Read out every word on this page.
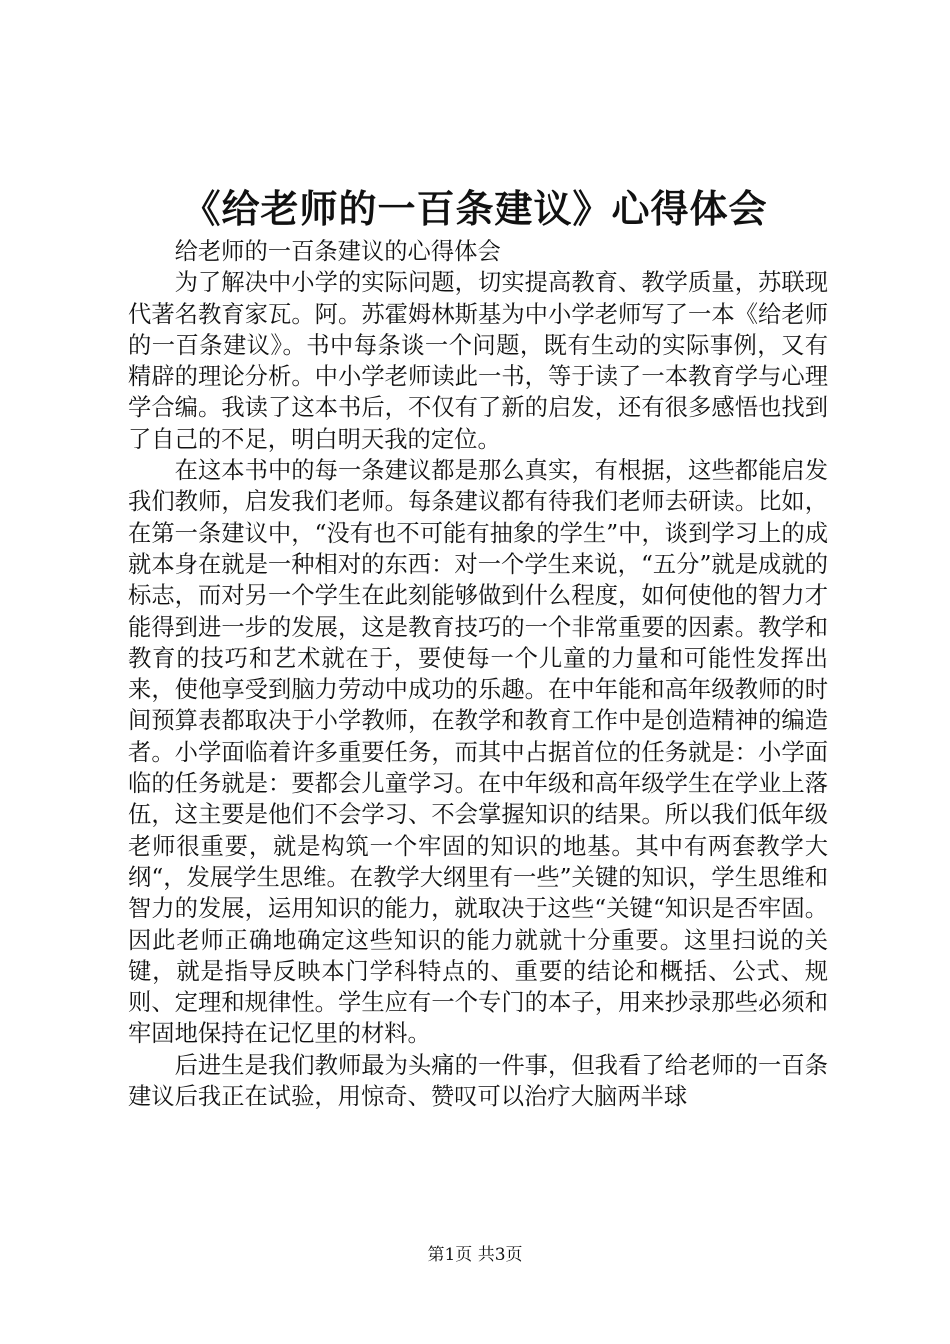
《给老师的一百条建议》心得体会

给老师的一百条建议的心得体会

为了解决中小学的实际问题，切实提高教育、教学质量，苏联现代著名教育家瓦。阿。苏霍姆林斯基为中小学老师写了一本《给老师的一百条建议》。书中每条谈一个问题，既有生动的实际事例，又有精辟的理论分析。中小学老师读此一书，等于读了一本教育学与心理学合编。我读了这本书后，不仅有了新的启发，还有很多感悟也找到了自己的不足，明白明天我的定位。

在这本书中的每一条建议都是那么真实，有根据，这些都能启发我们教师，启发我们老师。每条建议都有待我们老师去研读。比如，在第一条建议中，“没有也不可能有抽象的学生”中，谈到学习上的成就本身在就是一种相对的东西：对一个学生来说，“五分”就是成就的标志，而对另一个学生在此刻能够做到什么程度，如何使他的智力才能得到进一步的发展，这是教育技巧的一个非常重要的因素。教学和教育的技巧和艺术就在于，要使每一个儿童的力量和可能性发挥出来，使他享受到脑力劳动中成功的乐趣。在中年能和高年级教师的时间预算表都取决于小学教师，在教学和教育工作中是创造精神的编造者。小学面临着许多重要任务，而其中占据首位的任务就是：小学面临的任务就是：要都会儿童学习。在中年级和高年级学生在学业上落伍，这主要是他们不会学习、不会掌握知识的结果。所以我们低年级老师很重要，就是构筑一个牢固的知识的地基。其中有两套教学大纲“，发展学生思维。在教学大纲里有一些”关键的知识，学生思维和智力的发展，运用知识的能力，就取决于这些“关键“知识是否牢固。因此老师正确地确定这些知识的能力就就十分重要。这里扫说的关键，就是指导反映本门学科特点的、重要的结论和概括、公式、规则、定理和规律性。学生应有一个专门的本子，用来抄录那些必须和牢固地保持在记忆里的材料。

后进生是我们教师最为头痛的一件事，但我看了给老师的一百条建议后我正在试验，用惊奇、赞叹可以治疗大脑两半球

第1页 共3页
